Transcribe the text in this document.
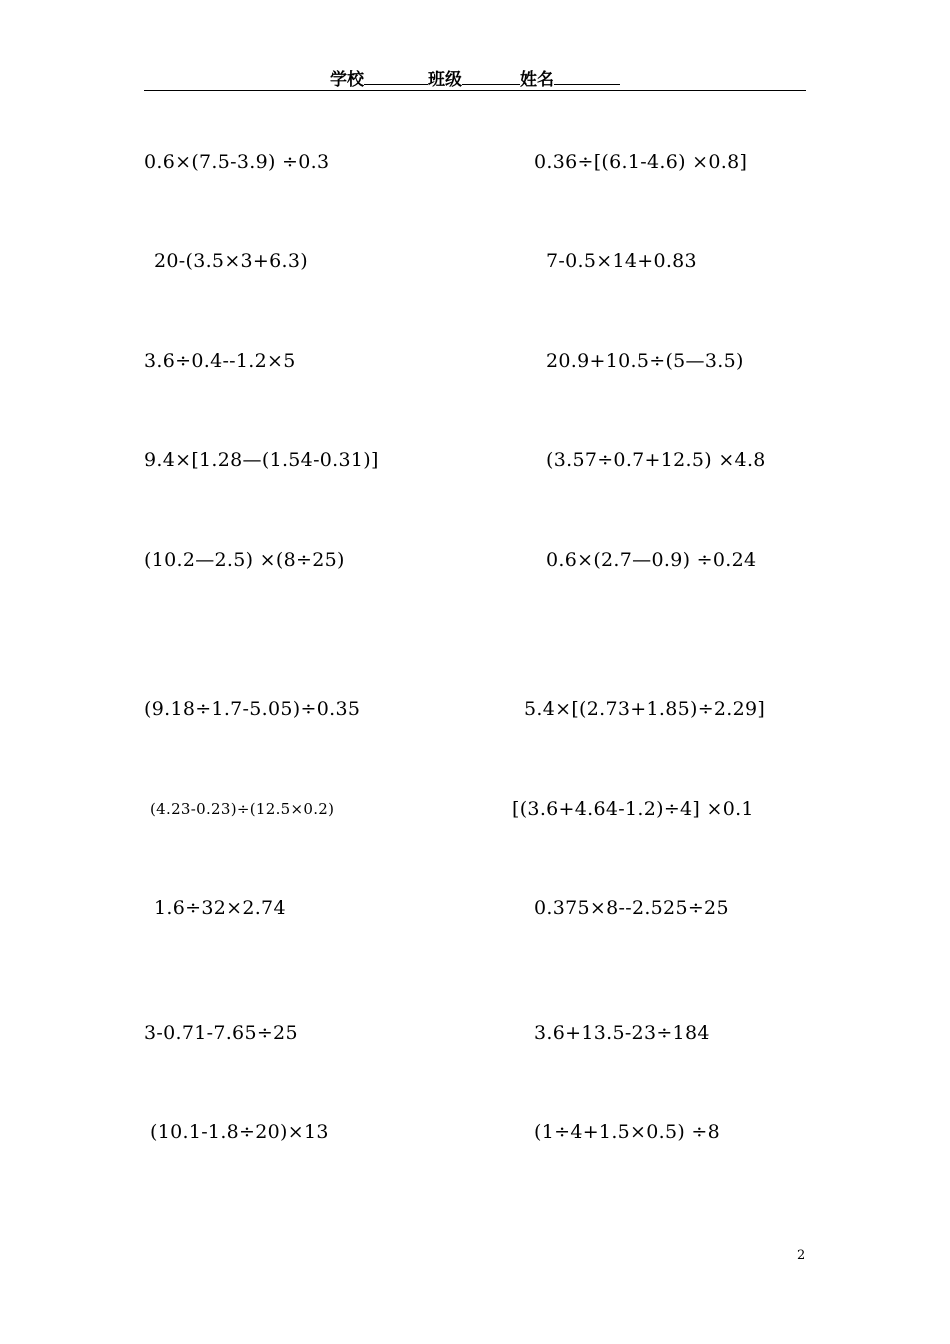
学校	班级	姓名
0.6×(7.5-3.9) ÷0.3	0.36÷[(6.1-4.6) ×0.8]
20-(3.5×3+6.3)	7-0.5×14+0.83
3.6÷0.4--1.2×5	20.9+10.5÷(5—3.5)
9.4×[1.28—(1.54-0.31)]	(3.57÷0.7+12.5) ×4.8
(10.2—2.5) ×(8÷25)	0.6×(2.7—0.9) ÷0.24
(9.18÷1.7-5.05)÷0.35	5.4×[(2.73+1.85)÷2.29]
(4.23-0.23)÷(12.5×0.2)	[(3.6+4.64-1.2)÷4] ×0.1
1.6÷32×2.74	0.375×8--2.525÷25
3-0.71-7.65÷25	3.6+13.5-23÷184
(10.1-1.8÷20)×13	(1÷4+1.5×0.5) ÷8
2
